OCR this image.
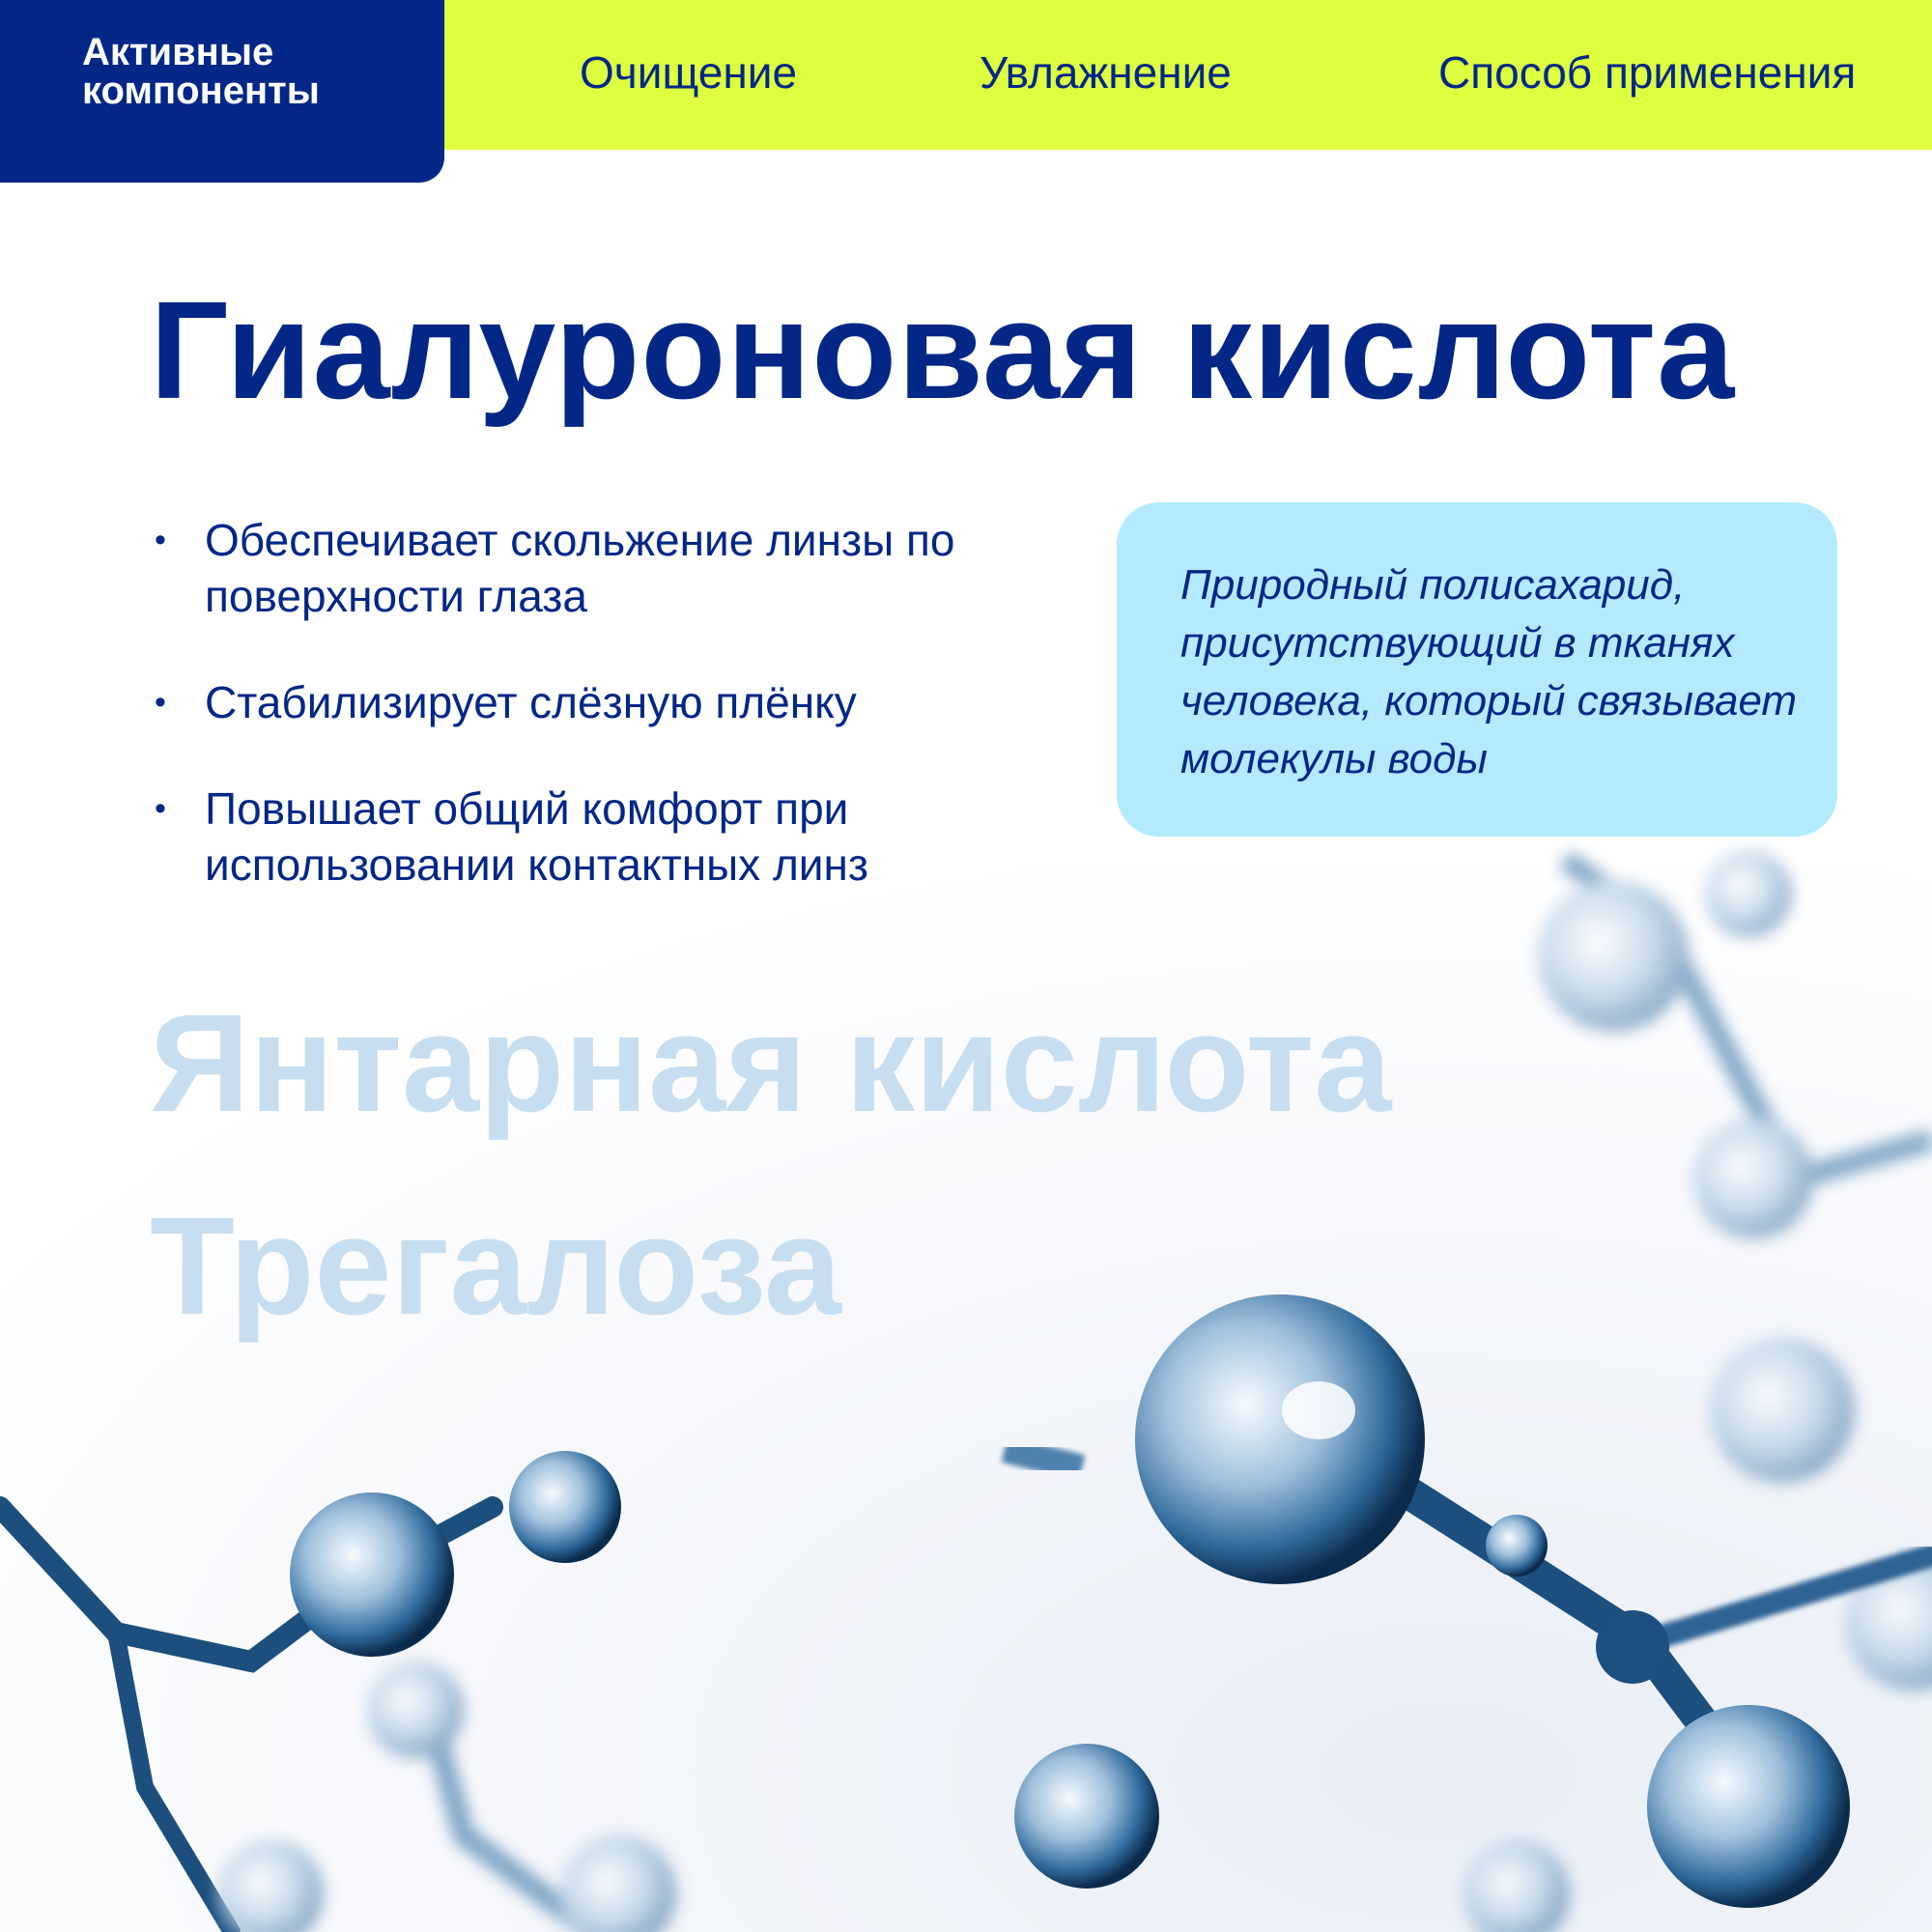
Активные
компоненты	Очищение	Увлажнение	Способ применения
Гиалуроновая кислота
• Обеспечивает скольжение линзы по поверхности глаза
• Стабилизирует слёзную плёнку
• Повышает общий комфорт при использовании контактных линз
Природный полисахарид, присутствующий в тканях человека, который связывает молекулы воды
Янтарная кислота
Трегалоза
